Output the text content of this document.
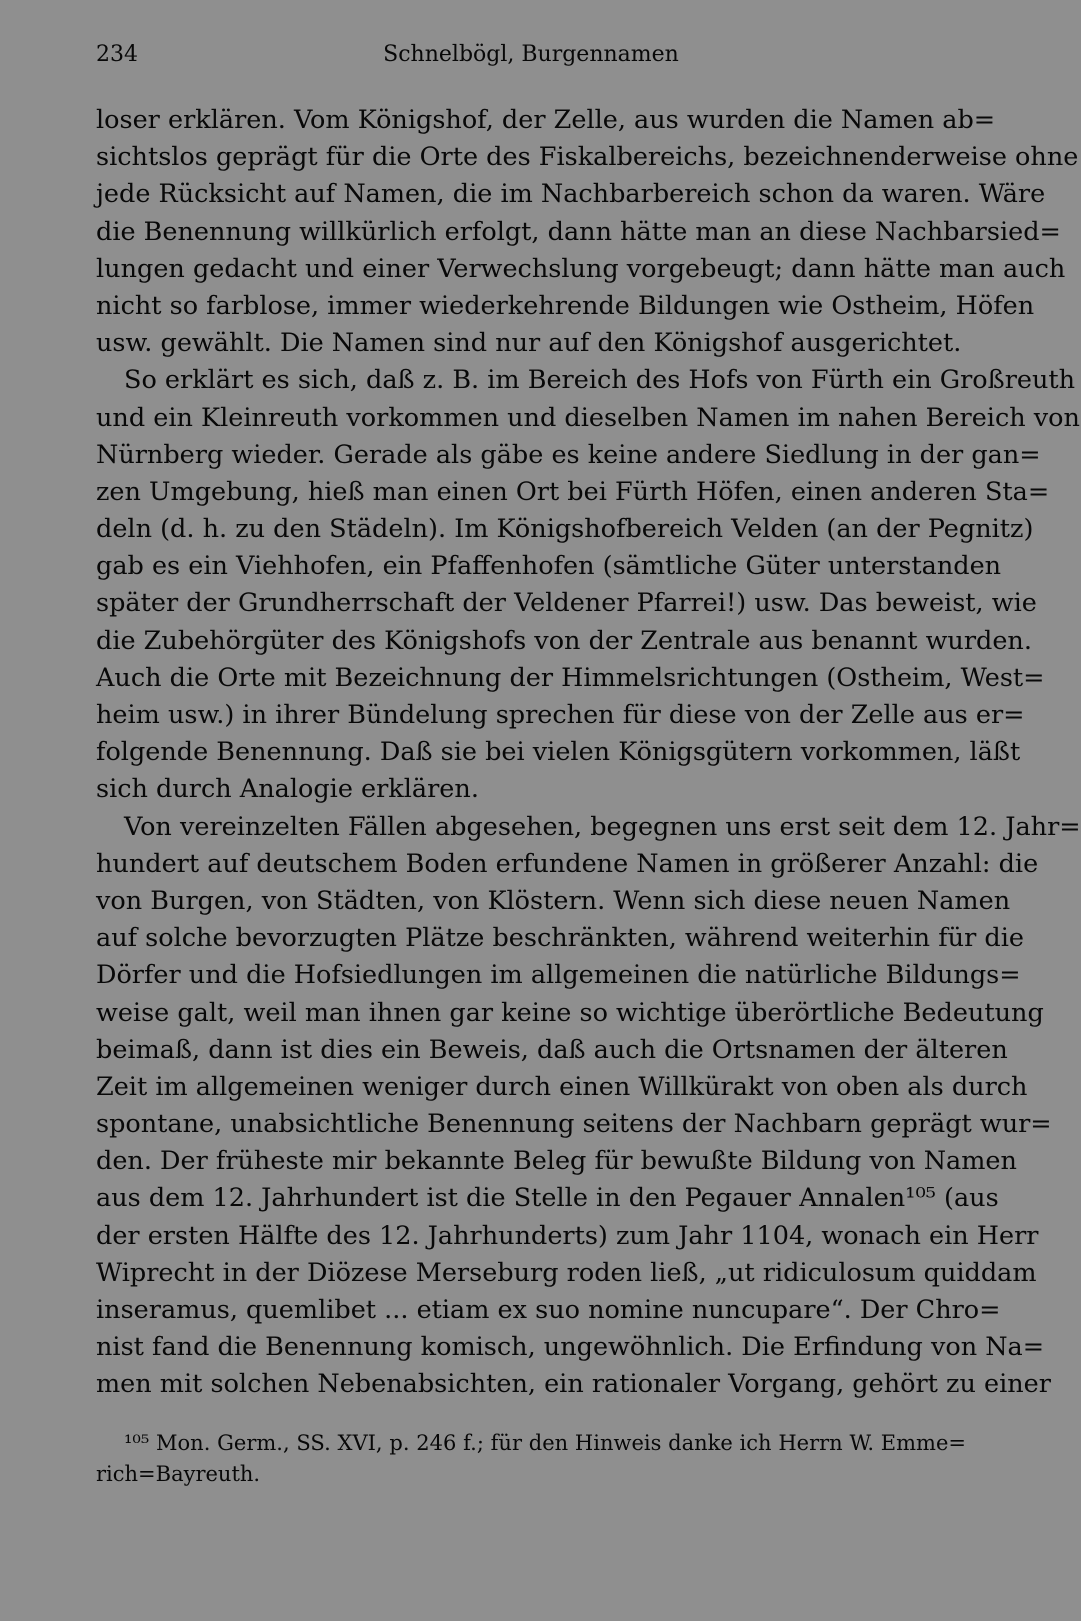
234	Schnelbögl, Burgennamen
loser erklären. Vom Königshof, der Zelle, aus wurden die Namen ab=
sichtslos geprägt für die Orte des Fiskalbereichs, bezeichnenderweise ohne
jede Rücksicht auf Namen, die im Nachbarbereich schon da waren. Wäre
die Benennung willkürlich erfolgt, dann hätte man an diese Nachbarsied=
lungen gedacht und einer Verwechslung vorgebeugt; dann hätte man auch
nicht so farblose, immer wiederkehrende Bildungen wie Ostheim, Höfen
usw. gewählt. Die Namen sind nur auf den Königshof ausgerichtet.
So erklärt es sich, daß z. B. im Bereich des Hofs von Fürth ein Großreuth
und ein Kleinreuth vorkommen und dieselben Namen im nahen Bereich von
Nürnberg wieder. Gerade als gäbe es keine andere Siedlung in der gan=
zen Umgebung, hieß man einen Ort bei Fürth Höfen, einen anderen Sta=
deln (d. h. zu den Städeln). Im Königshofbereich Velden (an der Pegnitz)
gab es ein Viehhofen, ein Pfaffenhofen (sämtliche Güter unterstanden
später der Grundherrschaft der Veldener Pfarrei!) usw. Das beweist, wie
die Zubehörgüter des Königshofs von der Zentrale aus benannt wurden.
Auch die Orte mit Bezeichnung der Himmelsrichtungen (Ostheim, West=
heim usw.) in ihrer Bündelung sprechen für diese von der Zelle aus er=
folgende Benennung. Daß sie bei vielen Königsgütern vorkommen, läßt
sich durch Analogie erklären.
Von vereinzelten Fällen abgesehen, begegnen uns erst seit dem 12. Jahr=
hundert auf deutschem Boden erfundene Namen in größerer Anzahl: die
von Burgen, von Städten, von Klöstern. Wenn sich diese neuen Namen
auf solche bevorzugten Plätze beschränkten, während weiterhin für die
Dörfer und die Hofsiedlungen im allgemeinen die natürliche Bildungs=
weise galt, weil man ihnen gar keine so wichtige überörtliche Bedeutung
beimaß, dann ist dies ein Beweis, daß auch die Ortsnamen der älteren
Zeit im allgemeinen weniger durch einen Willkürakt von oben als durch
spontane, unabsichtliche Benennung seitens der Nachbarn geprägt wur=
den. Der früheste mir bekannte Beleg für bewußte Bildung von Namen
aus dem 12. Jahrhundert ist die Stelle in den Pegauer Annalen¹⁰⁵ (aus
der ersten Hälfte des 12. Jahrhunderts) zum Jahr 1104, wonach ein Herr
Wiprecht in der Diözese Merseburg roden ließ, „ut ridiculosum quiddam
inseramus, quemlibet ... etiam ex suo nomine nuncupare“. Der Chro=
nist fand die Benennung komisch, ungewöhnlich. Die Erfindung von Na=
men mit solchen Nebenabsichten, ein rationaler Vorgang, gehört zu einer
¹⁰⁵ Mon. Germ., SS. XVI, p. 246 f.; für den Hinweis danke ich Herrn W. Emme=
rich=Bayreuth.
